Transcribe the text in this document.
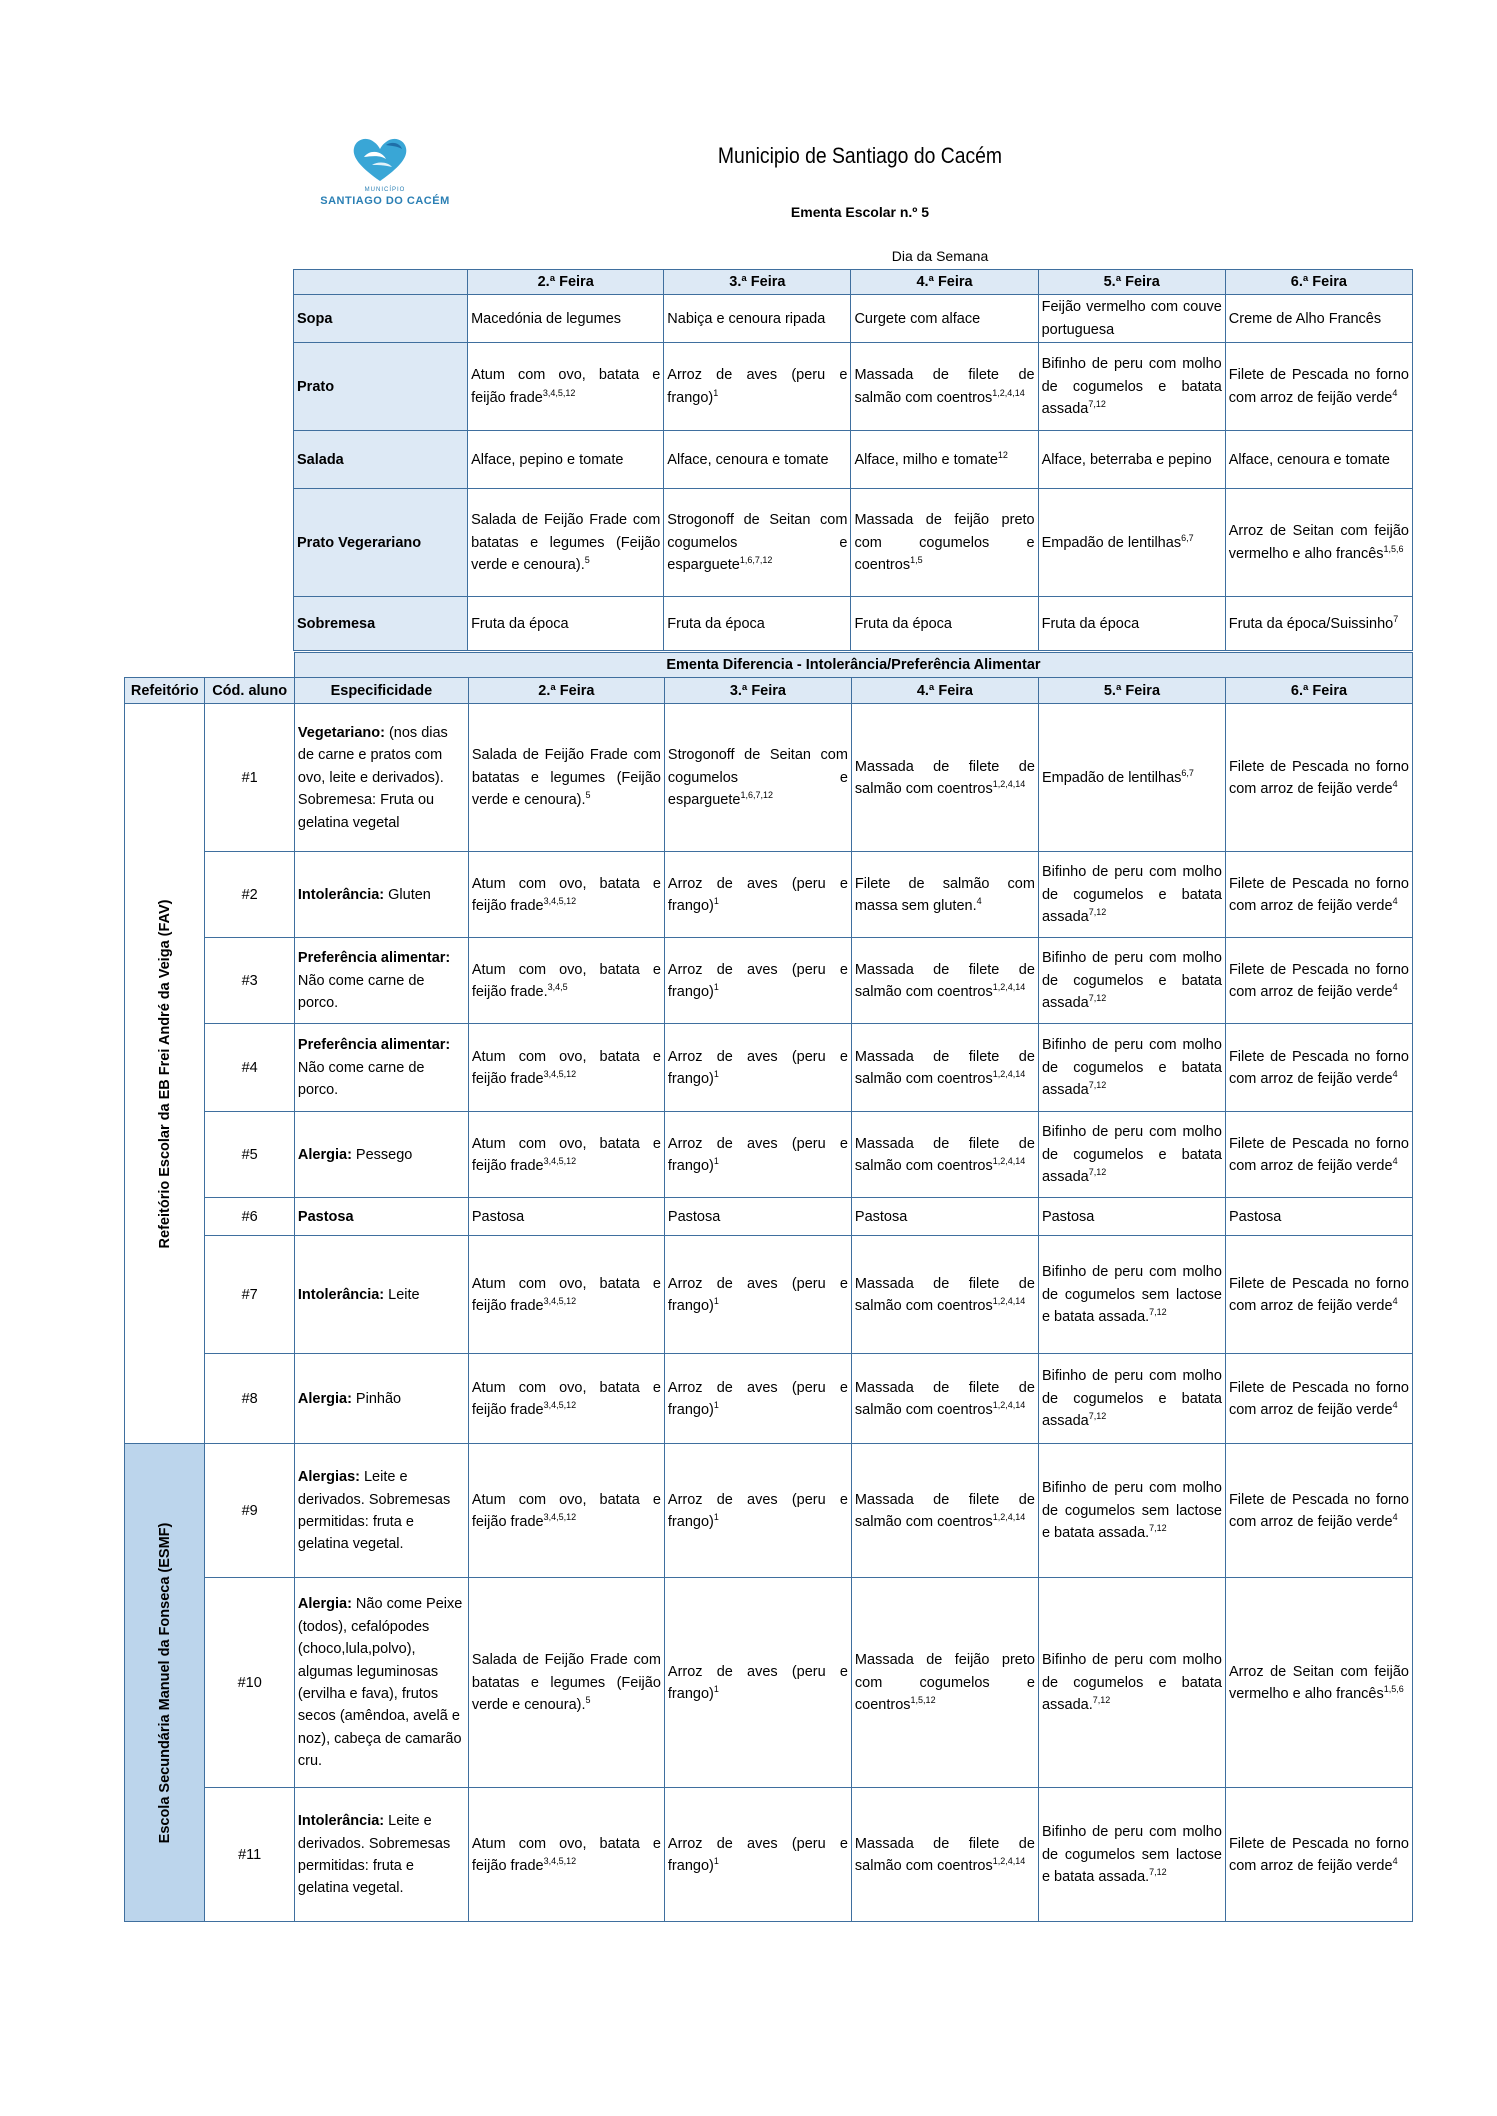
MUNICÍPIO
SANTIAGO DO CACÉM
Municipio de Santiago do Cacém
Ementa Escolar n.º 5
Dia da Semana
	2.ª Feira	3.ª Feira	4.ª Feira	5.ª Feira	6.ª Feira
Sopa	Macedónia de legumes	Nabiça e cenoura ripada	Curgete com alface	Feijão vermelho com couve portuguesa	Creme de Alho Francês
Prato	Atum com ovo, batata e feijão frade$^{3,4,5,12}$	Arroz de aves (peru e frango)$^1$	Massada de filete de salmão com coentros$^{1,2,4,14}$	Bifinho de peru com molho de cogumelos e batata assada$^{7,12}$	Filete de Pescada no forno com arroz de feijão verde$^4$
Salada	Alface, pepino e tomate	Alface, cenoura e tomate	Alface, milho e tomate$^{12}$	Alface, beterraba e pepino	Alface, cenoura e tomate
Prato Vegerariano	Salada de Feijão Frade com batatas e legumes (Feijão verde e cenoura).$^5$	Strogonoff de Seitan com cogumelos e esparguete$^{1,6,7,12}$	Massada de feijão preto com cogumelos e coentros$^{1,5}$	Empadão de lentilhas$^{6,7}$	Arroz de Seitan com feijão vermelho e alho francês$^{1,5,6}$
Sobremesa	Fruta da época	Fruta da época	Fruta da época	Fruta da época	Fruta da época/Suissinho$^7$
		Ementa Diferencia - Intolerância/Preferência Alimentar					
Refeitório	Cód. aluno	Especificidade	2.ª Feira	3.ª Feira	4.ª Feira	5.ª Feira	6.ª Feira

Refeitório Escolar da EB Frei André da Veiga (FAV)	#1	Vegetariano: (nos dias de carne e pratos com ovo, leite e derivados). Sobremesa: Fruta ou gelatina vegetal	Salada de Feijão Frade com batatas e legumes (Feijão verde e cenoura).$^5$	Strogonoff de Seitan com cogumelos e esparguete$^{1,6,7,12}$	Massada de filete de salmão com coentros$^{1,2,4,14}$	Empadão de lentilhas$^{6,7}$	Filete de Pescada no forno com arroz de feijão verde$^4$
	#2	Intolerância: Gluten	Atum com ovo, batata e feijão frade$^{3,4,5,12}$	Arroz de aves (peru e frango)$^1$	Filete de salmão com massa sem gluten.$^4$	Bifinho de peru com molho de cogumelos e batata assada$^{7,12}$	Filete de Pescada no forno com arroz de feijão verde$^4$
	#3	Preferência alimentar: Não come carne de porco.	Atum com ovo, batata e feijão frade.$^{3,4,5}$	Arroz de aves (peru e frango)$^1$	Massada de filete de salmão com coentros$^{1,2,4,14}$	Bifinho de peru com molho de cogumelos e batata assada$^{7,12}$	Filete de Pescada no forno com arroz de feijão verde$^4$
	#4	Preferência alimentar: Não come carne de porco.	Atum com ovo, batata e feijão frade$^{3,4,5,12}$	Arroz de aves (peru e frango)$^1$	Massada de filete de salmão com coentros$^{1,2,4,14}$	Bifinho de peru com molho de cogumelos e batata assada$^{7,12}$	Filete de Pescada no forno com arroz de feijão verde$^4$
	#5	Alergia: Pessego	Atum com ovo, batata e feijão frade$^{3,4,5,12}$	Arroz de aves (peru e frango)$^1$	Massada de filete de salmão com coentros$^{1,2,4,14}$	Bifinho de peru com molho de cogumelos e batata assada$^{7,12}$	Filete de Pescada no forno com arroz de feijão verde$^4$
	#6	Pastosa	Pastosa	Pastosa	Pastosa	Pastosa	Pastosa
	#7	Intolerância: Leite	Atum com ovo, batata e feijão frade$^{3,4,5,12}$	Arroz de aves (peru e frango)$^1$	Massada de filete de salmão com coentros$^{1,2,4,14}$	Bifinho de peru com molho de cogumelos sem lactose e batata assada.$^{7,12}$	Filete de Pescada no forno com arroz de feijão verde$^4$
	#8	Alergia: Pinhão	Atum com ovo, batata e feijão frade$^{3,4,5,12}$	Arroz de aves (peru e frango)$^1$	Massada de filete de salmão com coentros$^{1,2,4,14}$	Bifinho de peru com molho de cogumelos e batata assada$^{7,12}$	Filete de Pescada no forno com arroz de feijão verde$^4$

Escola Secundária Manuel da Fonseca (ESMF)	#9	Alergias: Leite e derivados. Sobremesas permitidas: fruta e gelatina vegetal.	Atum com ovo, batata e feijão frade$^{3,4,5,12}$	Arroz de aves (peru e frango)$^1$	Massada de filete de salmão com coentros$^{1,2,4,14}$	Bifinho de peru com molho de cogumelos sem lactose e batata assada.$^{7,12}$	Filete de Pescada no forno com arroz de feijão verde$^4$
	#10	Alergia: Não come Peixe (todos), cefalópodes (choco,lula,polvo), algumas leguminosas (ervilha e fava), frutos secos (amêndoa, avelã e noz), cabeça de camarão cru.	Salada de Feijão Frade com batatas e legumes (Feijão verde e cenoura).$^5$	Arroz de aves (peru e frango)$^1$	Massada de feijão preto com cogumelos e coentros$^{1,5,12}$	Bifinho de peru com molho de cogumelos e batata assada.$^{7,12}$	Arroz de Seitan com feijão vermelho e alho francês$^{1,5,6}$
	#11	Intolerância: Leite e derivados. Sobremesas permitidas: fruta e gelatina vegetal.	Atum com ovo, batata e feijão frade$^{3,4,5,12}$	Arroz de aves (peru e frango)$^1$	Massada de filete de salmão com coentros$^{1,2,4,14}$	Bifinho de peru com molho de cogumelos sem lactose e batata assada.$^{7,12}$	Filete de Pescada no forno com arroz de feijão verde$^4$
